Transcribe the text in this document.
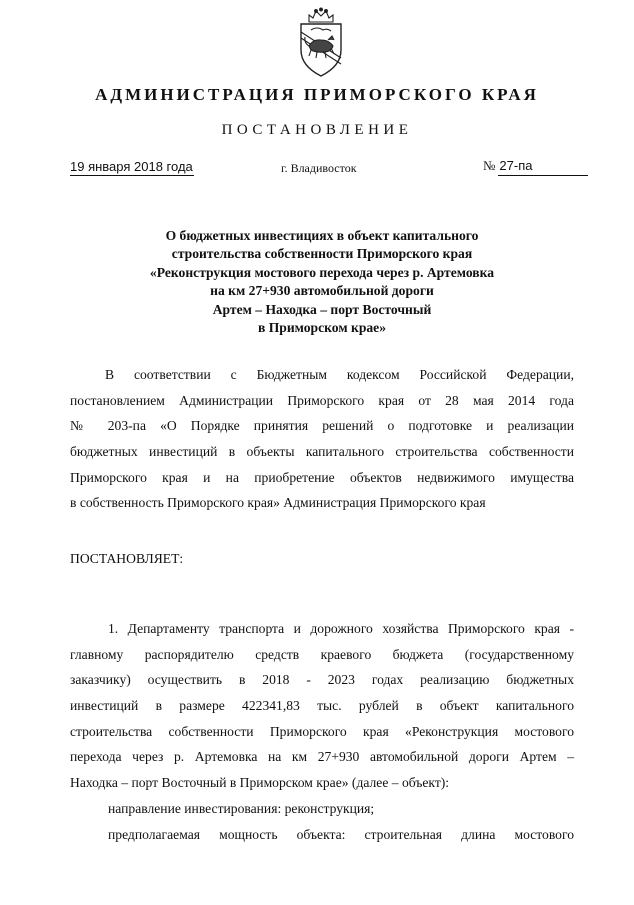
АДМИНИСТРАЦИЯ ПРИМОРСКОГО КРАЯ
ПОСТАНОВЛЕНИЕ
19 января 2018 года	г. Владивосток	№ 27-па
О бюджетных инвестициях в объект капитального
строительства собственности Приморского края
«Реконструкция мостового перехода через р. Артемовка
на км 27+930 автомобильной дороги
Артем – Находка – порт Восточный
в Приморском крае»
В соответствии с Бюджетным кодексом Российской Федерации,
постановлением Администрации Приморского края от 28 мая 2014 года
№ 203-па «О Порядке принятия решений о подготовке и реализации
бюджетных инвестиций в объекты капитального строительства собственности
Приморского края и на приобретение объектов недвижимого имущества
в собственность Приморского края» Администрация Приморского края
ПОСТАНОВЛЯЕТ:
1. Департаменту транспорта и дорожного хозяйства Приморского края -
главному распорядителю средств краевого бюджета (государственному
заказчику) осуществить в 2018 - 2023 годах реализацию бюджетных
инвестиций в размере 422341,83 тыс. рублей в объект капитального
строительства собственности Приморского края «Реконструкция мостового
перехода через р. Артемовка на км 27+930 автомобильной дороги Артем –
Находка – порт Восточный в Приморском крае» (далее – объект):
направление инвестирования: реконструкция;
предполагаемая мощность объекта: строительная длина мостового
